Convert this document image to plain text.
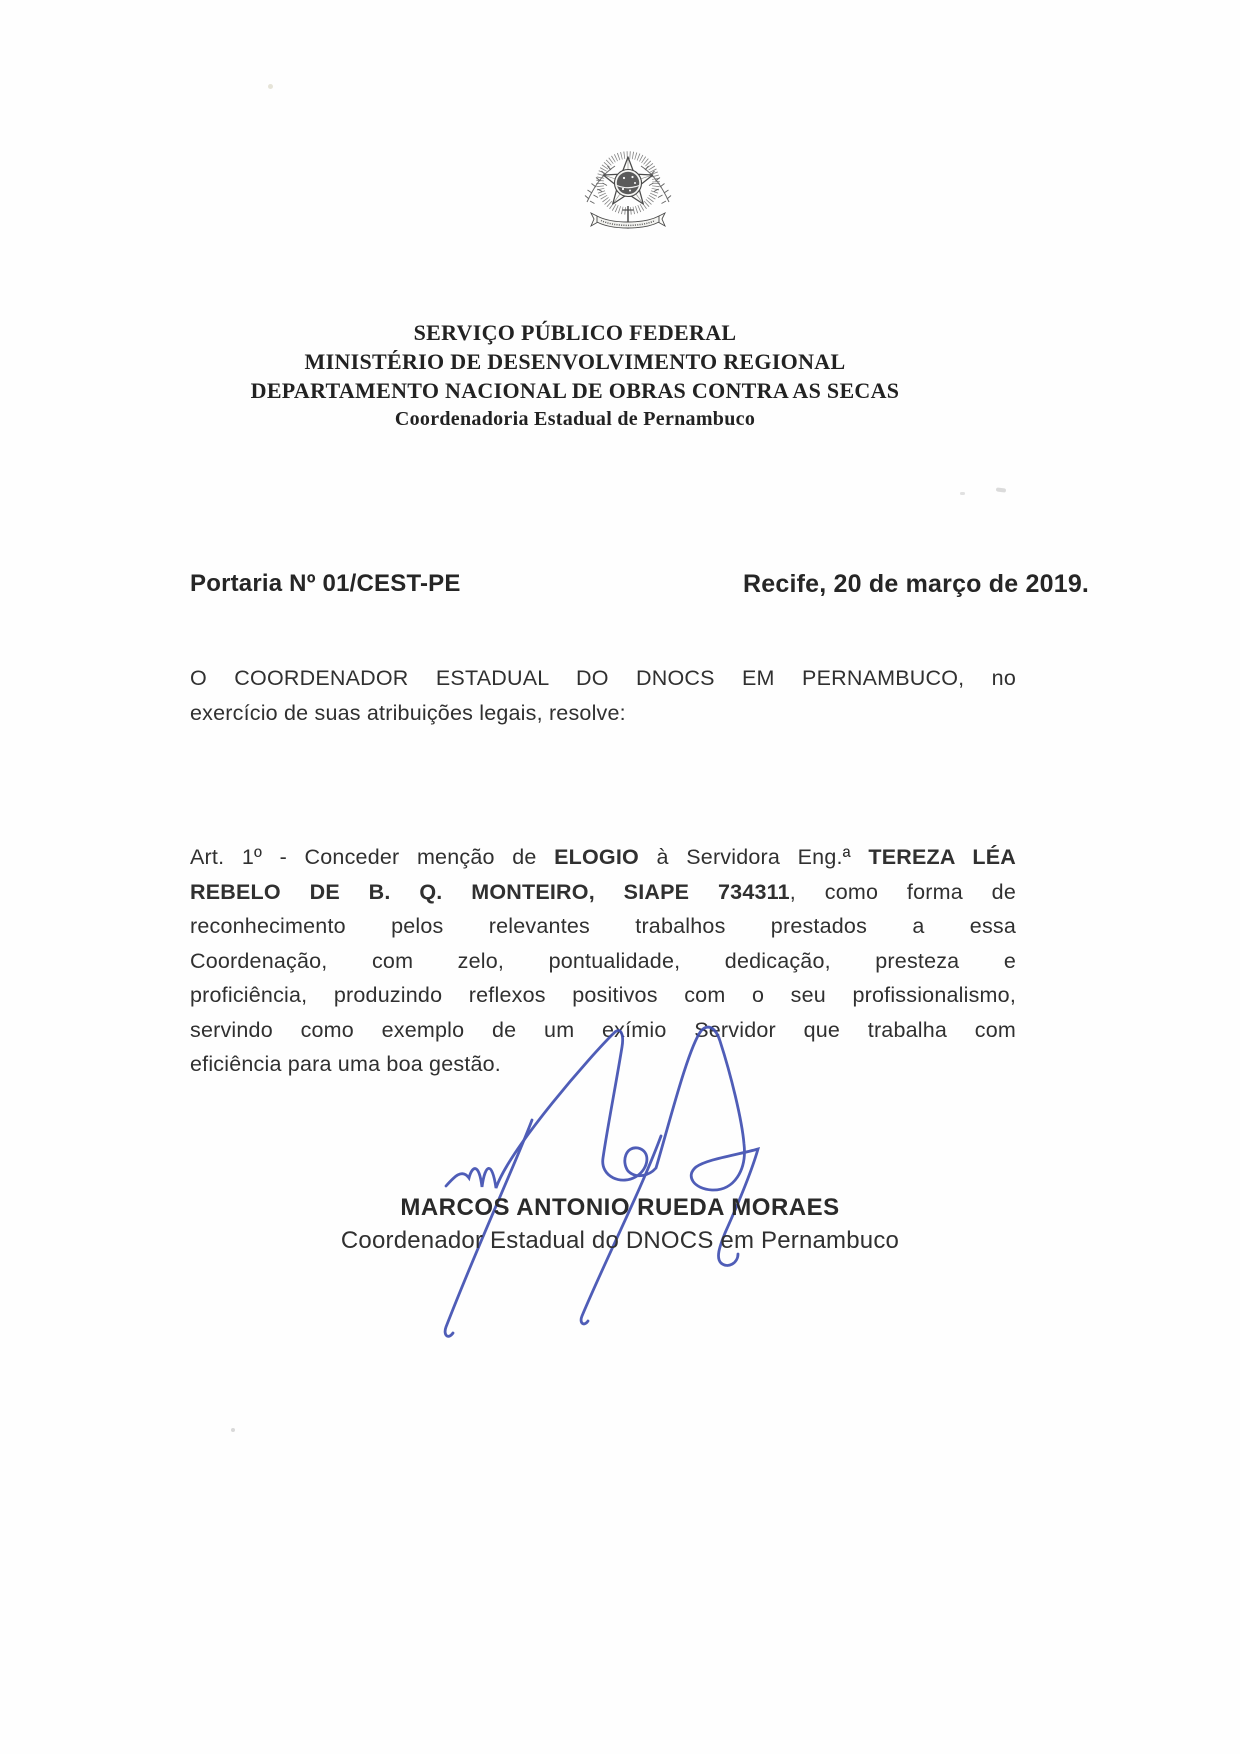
SERVIÇO PÚBLICO FEDERAL
MINISTÉRIO DE DESENVOLVIMENTO REGIONAL
DEPARTAMENTO NACIONAL DE OBRAS CONTRA AS SECAS
Coordenadoria Estadual de Pernambuco
Portaria Nº 01/CEST-PE	Recife, 20 de março de 2019.
O COORDENADOR ESTADUAL DO DNOCS EM PERNAMBUCO, no
exercício de suas atribuições legais, resolve:
Art. 1º - Conceder menção de ELOGIO à Servidora Eng.ª TEREZA LÉA
REBELO DE B. Q. MONTEIRO, SIAPE 734311, como forma de
reconhecimento pelos relevantes trabalhos prestados a essa
Coordenação, com zelo, pontualidade, dedicação, presteza e
proficiência, produzindo reflexos positivos com o seu profissionalismo,
servindo como exemplo de um exímio Servidor que trabalha com
eficiência para uma boa gestão.
MARCOS ANTONIO RUEDA MORAES
Coordenador Estadual do DNOCS em Pernambuco
